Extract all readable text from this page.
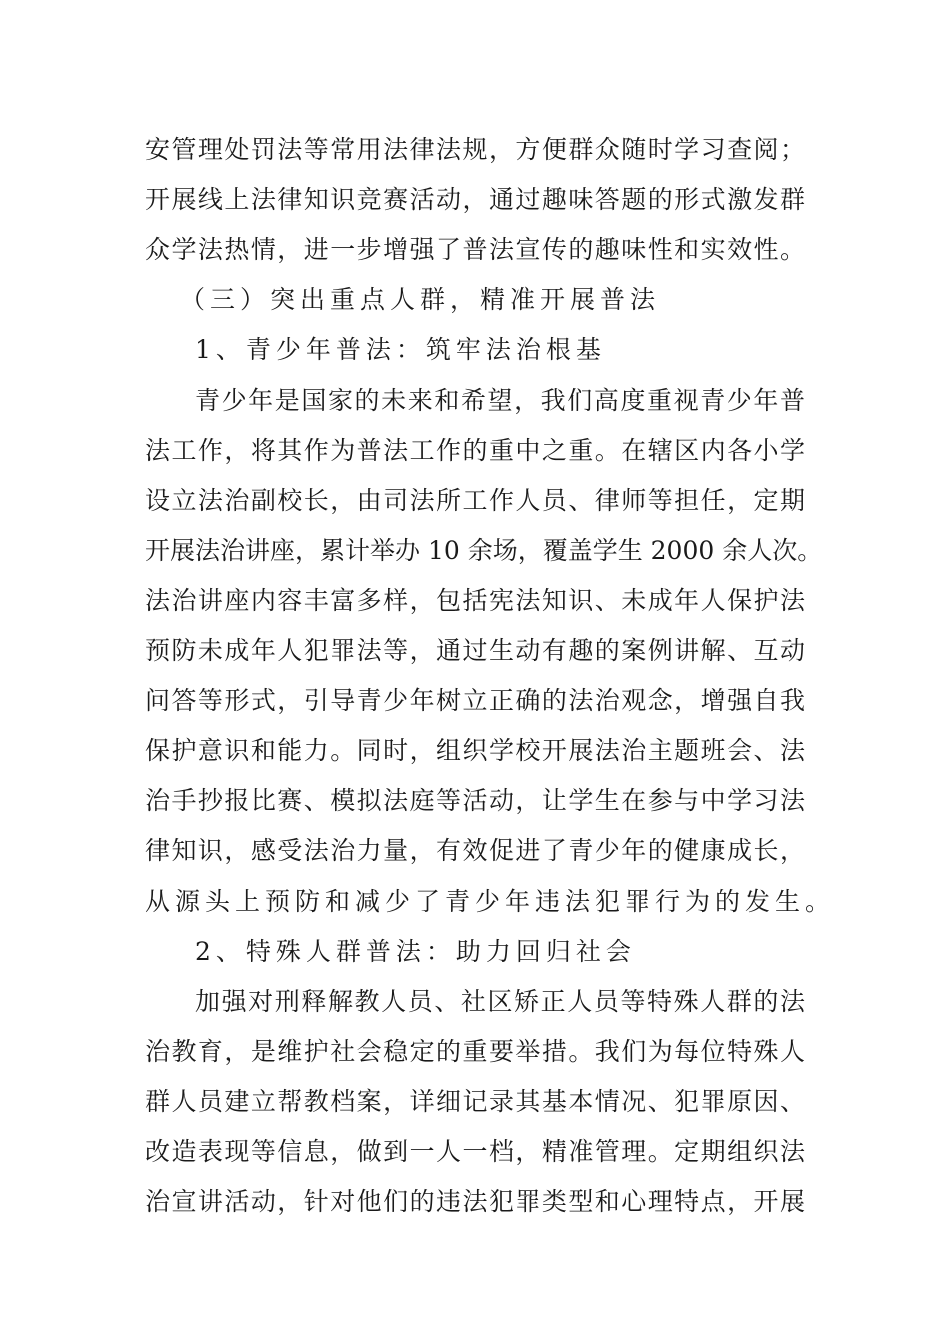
安管理处罚法等常用法律法规，方便群众随时学习查阅；
开展线上法律知识竞赛活动，通过趣味答题的形式激发群
众学法热情，进一步增强了普法宣传的趣味性和实效性。
（三）突出重点人群，精准开展普法
1、青少年普法：筑牢法治根基
青少年是国家的未来和希望，我们高度重视青少年普
法工作，将其作为普法工作的重中之重。在辖区内各小学
设立法治副校长，由司法所工作人员、律师等担任，定期
开展法治讲座，累计举办 10 余场，覆盖学生 2000 余人次。
法治讲座内容丰富多样，包括宪法知识、未成年人保护法
预防未成年人犯罪法等，通过生动有趣的案例讲解、互动
问答等形式，引导青少年树立正确的法治观念，增强自我
保护意识和能力。同时，组织学校开展法治主题班会、法
治手抄报比赛、模拟法庭等活动，让学生在参与中学习法
律知识，感受法治力量，有效促进了青少年的健康成长，
从源头上预防和减少了青少年违法犯罪行为的发生。
2、特殊人群普法：助力回归社会
加强对刑释解教人员、社区矫正人员等特殊人群的法
治教育，是维护社会稳定的重要举措。我们为每位特殊人
群人员建立帮教档案，详细记录其基本情况、犯罪原因、
改造表现等信息，做到一人一档，精准管理。定期组织法
治宣讲活动，针对他们的违法犯罪类型和心理特点，开展
